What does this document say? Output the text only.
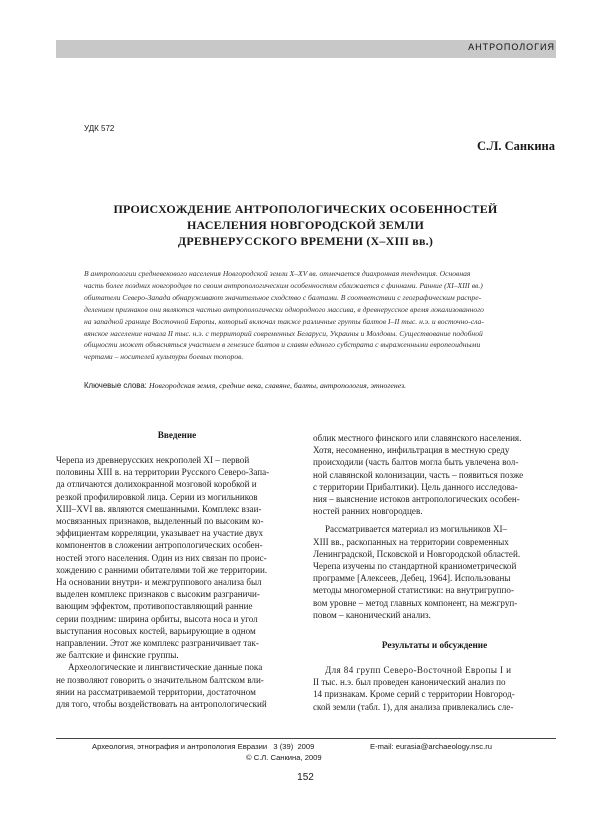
АНТРОПОЛОГИЯ
УДК 572
С.Л. Санкина
ПРОИСХОЖДЕНИЕ АНТРОПОЛОГИЧЕСКИХ ОСОБЕННОСТЕЙ
НАСЕЛЕНИЯ НОВГОРОДСКОЙ ЗЕМЛИ
ДРЕВНЕРУССКОГО ВРЕМЕНИ (X–XIII вв.)
В антропологии средневекового населения Новгородской земли X–XV вв. отмечается диахронная тенденция. Основная
часть более поздних новгородцев по своим антропологическим особенностям сближается с финнами. Ранние (XI–XIII вв.)
обитатели Северо-Запада обнаруживают значительное сходство с балтами. В соответствии с географическим распре-
делением признаков они являются частью антропологически однородного массива, в древнерусское время локализованного
на западной границе Восточной Европы, который включал также различные группы балтов I–II тыс. н.э. и восточно-сла-
вянское население начала II тыс. н.э. с территорий современных Беларуси, Украины и Молдовы. Существование подобной
общности может объясняться участием в генезисе балтов и славян единого субстрата с выраженными европеоидными
чертами – носителей культуры боевых топоров.
Ключевые слова: Новгородская земля, средние века, славяне, балты, антропология, этногенез.
Введение
Черепа из древнерусских некрополей XI – первой
половины XIII в. на территории Русского Северо-Запа-
да отличаются долихокранной мозговой коробкой и
резкой профилировкой лица. Серии из могильников
XIII–XVI вв. являются смешанными. Комплекс взаи-
мосвязанных признаков, выделенный по высоким ко-
эффициентам корреляции, указывает на участие двух
компонентов в сложении антропологических особен-
ностей этого населения. Один из них связан по проис-
хождению с ранними обитателями той же территории.
На основании внутри- и межгруппового анализа был
выделен комплекс признаков с высоким разграничи-
вающим эффектом, противопоставляющий ранние
серии поздним: ширина орбиты, высота носа и угол
выступания носовых костей, варьирующие в одном
направлении. Этот же комплекс разграничивает так-
же балтские и финские группы.
Археологические и лингвистические данные пока
не позволяют говорить о значительном балтском вли-
янии на рассматриваемой территории, достаточном
для того, чтобы воздействовать на антропологический
облик местного финского или славянского населения.
Хотя, несомненно, инфильтрация в местную среду
происходили (часть балтов могла быть увлечена вол-
ной славянской колонизации, часть – появиться позже
с территории Прибалтики). Цель данного исследова-
ния – выяснение истоков антропологических особен-
ностей ранних новгородцев.
Рассматривается материал из могильников XI–
XIII вв., раскопанных на территории современных
Ленинградской, Псковской и Новгородской областей.
Черепа изучены по стандартной краниометрической
программе [Алексеев, Дебец, 1964]. Использованы
методы многомерной статистики: на внутригруппо-
вом уровне – метод главных компонент, на межгруп-
повом – канонический анализ.
Результаты и обсуждение
Для 84 групп Северо-Восточной Европы I и
II тыс. н.э. был проведен канонический анализ по
14 признакам. Кроме серий с территории Новгород-
ской земли (табл. 1), для анализа привлекались сле-
Археология, этнография и антропология Евразии   3 (39)  2009	E-mail: eurasia@archaeology.nsc.ru
© С.Л. Санкина, 2009
152
